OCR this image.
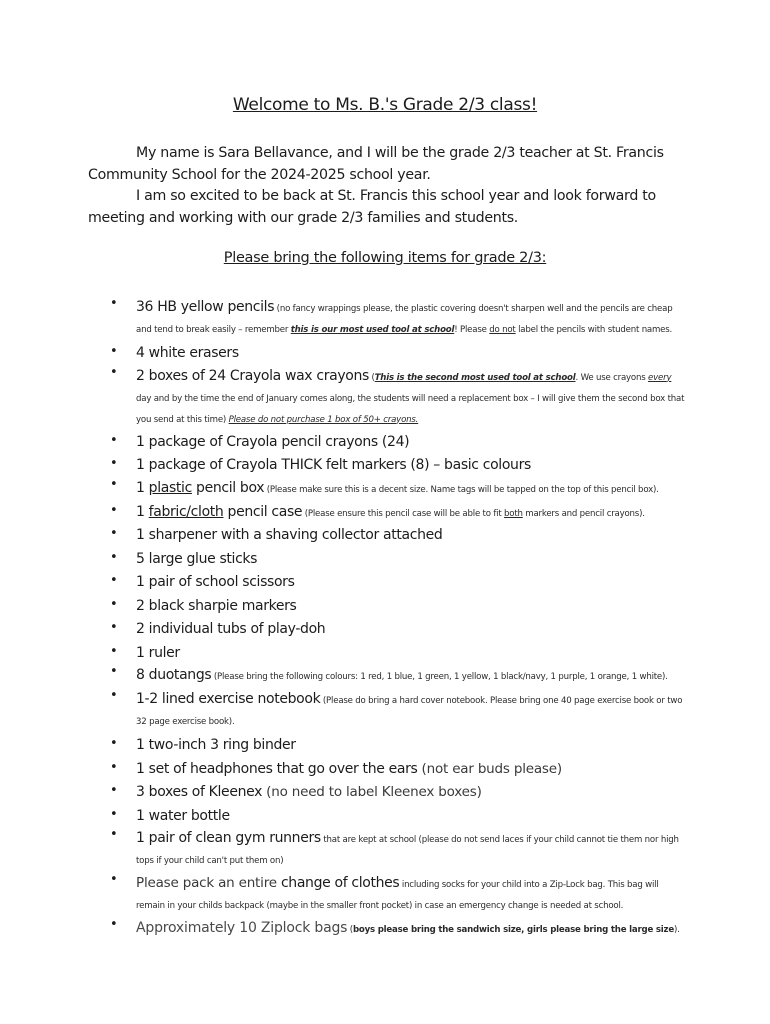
Welcome to Ms. B.'s Grade 2/3 class!

My name is Sara Bellavance, and I will be the grade 2/3 teacher at St. Francis Community School for the 2024-2025 school year.

I am so excited to be back at St. Francis this school year and look forward to meeting and working with our grade 2/3 families and students.

Please bring the following items for grade 2/3:
• 36 HB yellow pencils (no fancy wrappings please, the plastic covering doesn't sharpen well and the pencils are cheap and tend to break easily – remember this is our most used tool at school! Please do not label the pencils with student names.
• 4 white erasers
• 2 boxes of 24 Crayola wax crayons (This is the second most used tool at school. We use crayons every day and by the time the end of January comes along, the students will need a replacement box – I will give them the second box that you send at this time) Please do not purchase 1 box of 50+ crayons.
• 1 package of Crayola pencil crayons (24)
• 1 package of Crayola THICK felt markers (8) – basic colours
• 1 plastic pencil box (Please make sure this is a decent size. Name tags will be tapped on the top of this pencil box).
• 1 fabric/cloth pencil case (Please ensure this pencil case will be able to fit both markers and pencil crayons).
• 1 sharpener with a shaving collector attached
• 5 large glue sticks
• 1 pair of school scissors
• 2 black sharpie markers
• 2 individual tubs of play-doh
• 1 ruler
• 8 duotangs (Please bring the following colours: 1 red, 1 blue, 1 green, 1 yellow, 1 black/navy, 1 purple, 1 orange, 1 white).
• 1-2 lined exercise notebook (Please do bring a hard cover notebook. Please bring one 40 page exercise book or two 32 page exercise book).
• 1 two-inch 3 ring binder
• 1 set of headphones that go over the ears (not ear buds please)
• 3 boxes of Kleenex (no need to label Kleenex boxes)
• 1 water bottle
• 1 pair of clean gym runners that are kept at school (please do not send laces if your child cannot tie them nor high tops if your child can't put them on)
• Please pack an entire change of clothes including socks for your child into a Zip-Lock bag. This bag will remain in your childs backpack (maybe in the smaller front pocket) in case an emergency change is needed at school.
• Approximately 10 Ziplock bags (boys please bring the sandwich size, girls please bring the large size).
